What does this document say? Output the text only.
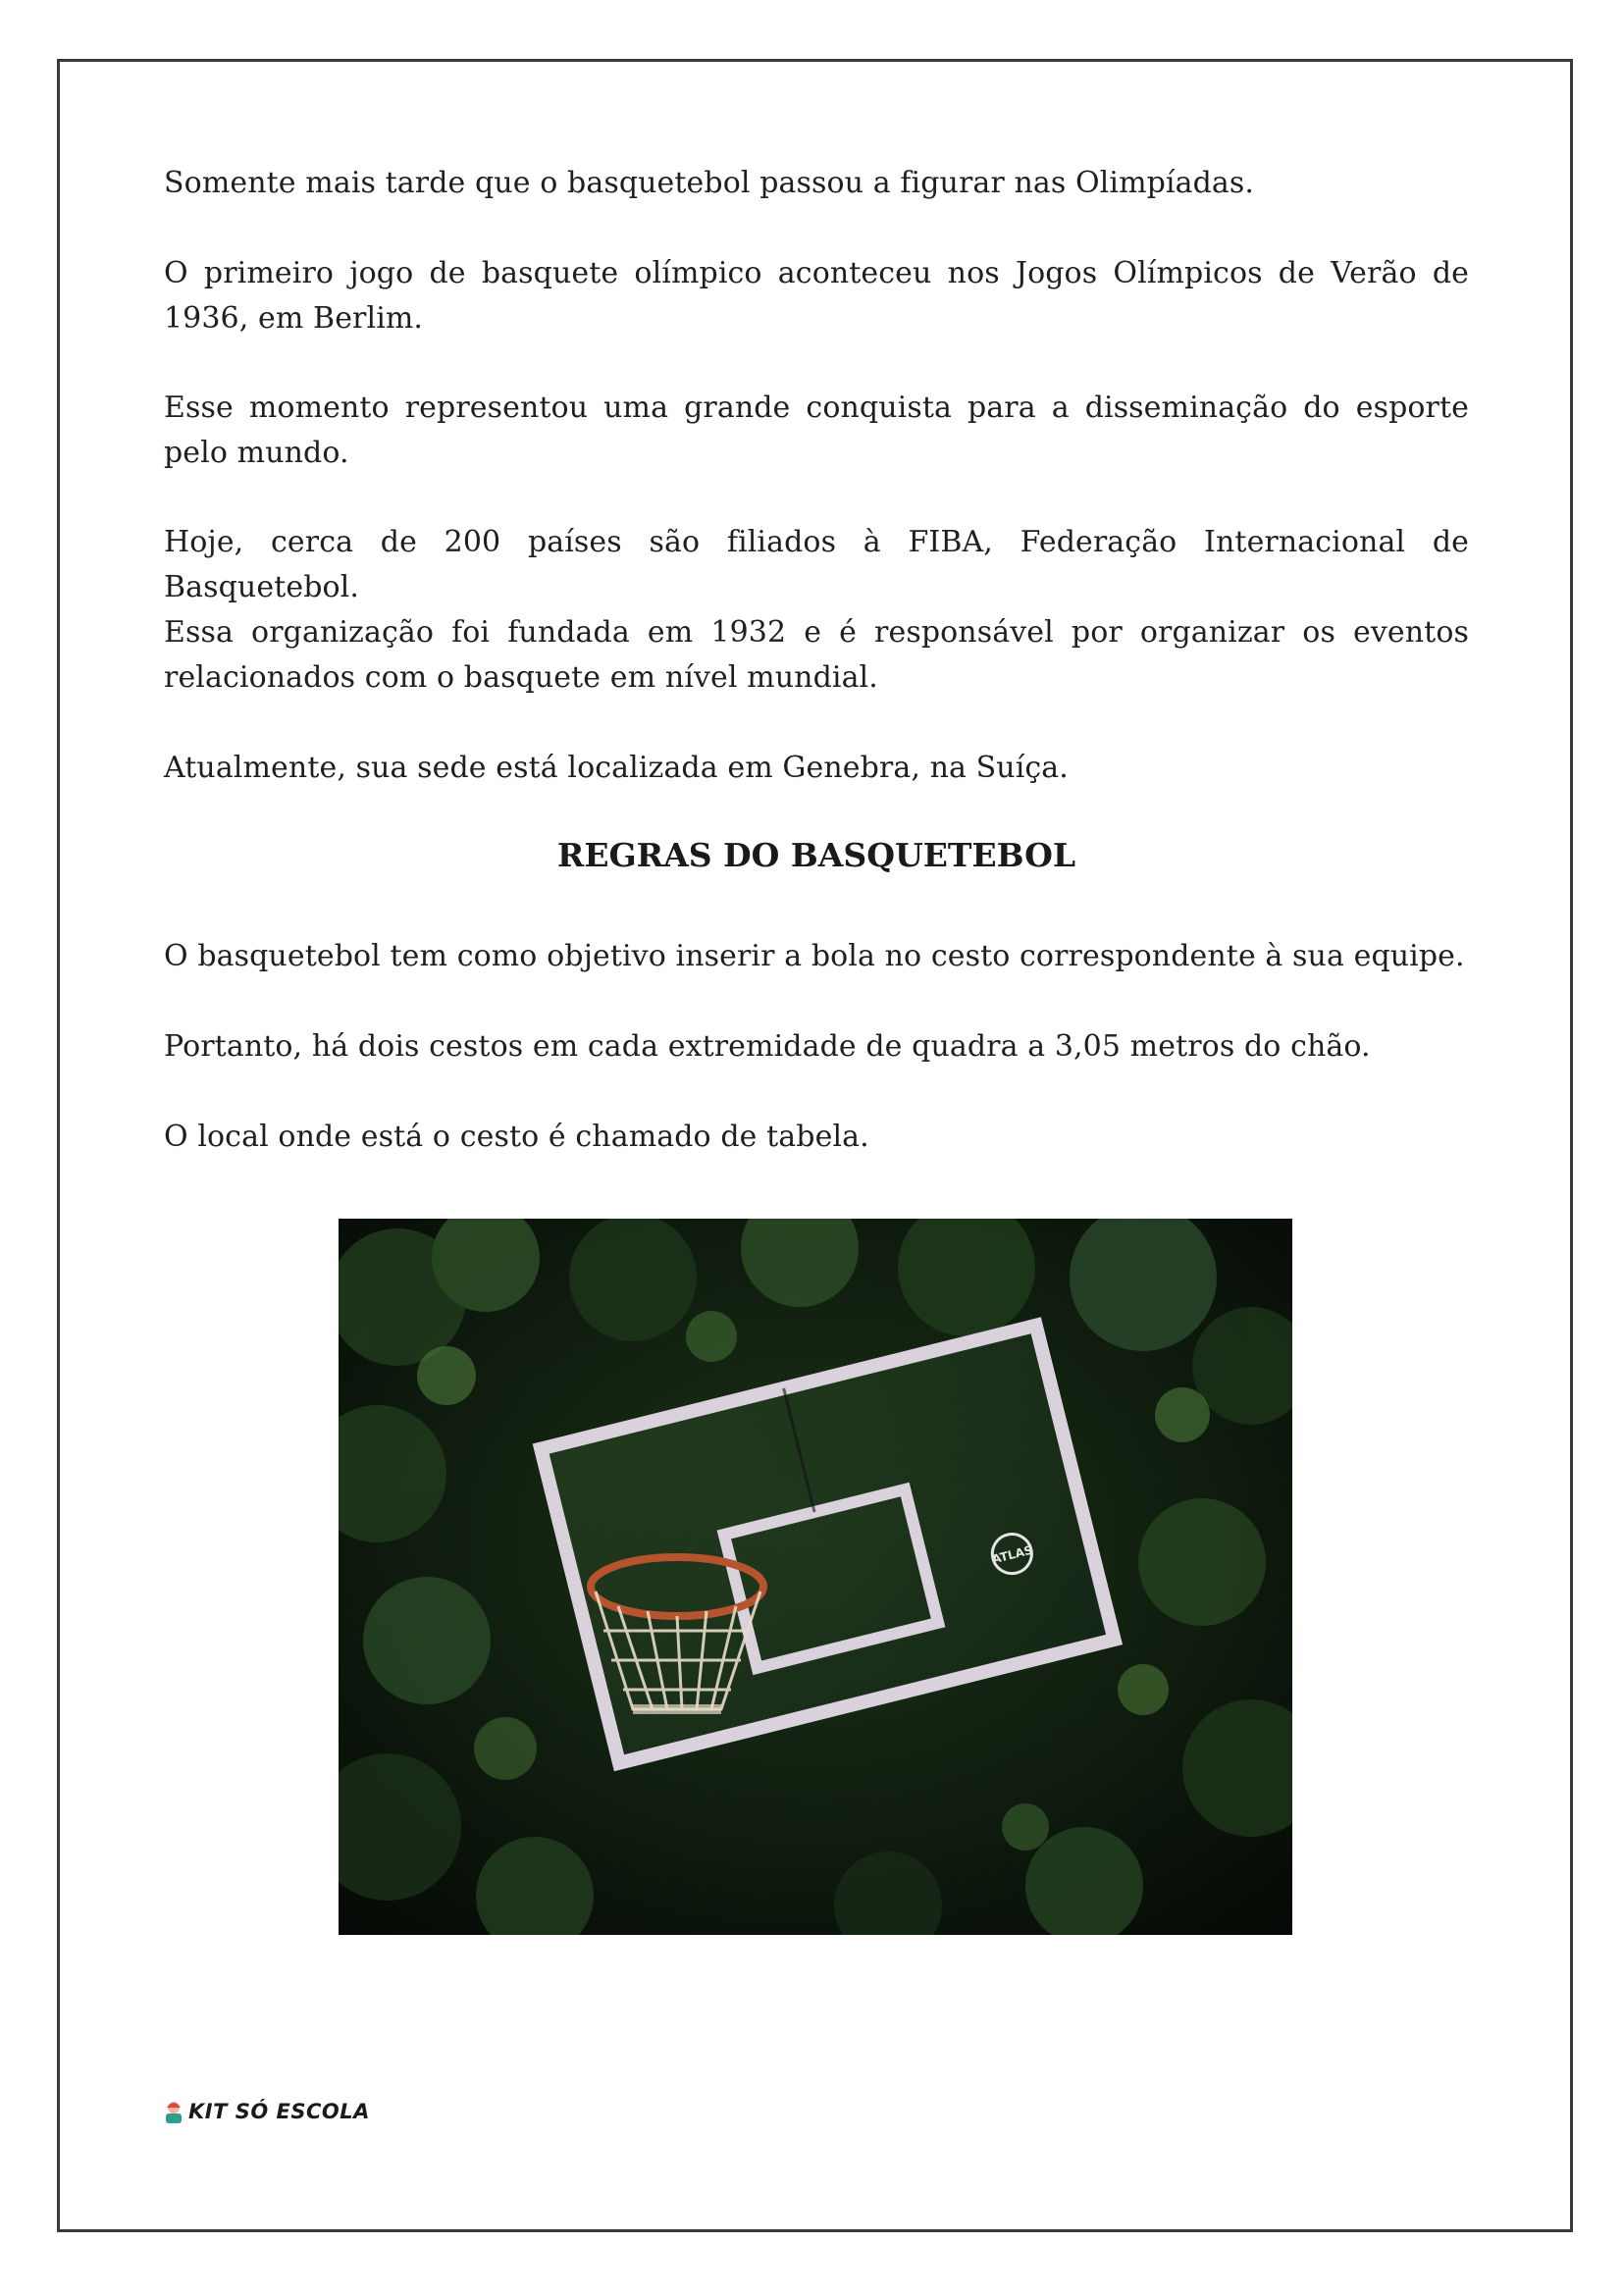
Somente mais tarde que o basquetebol passou a figurar nas Olimpíadas.

O primeiro jogo de basquete olímpico aconteceu nos Jogos Olímpicos de Verão de 1936, em Berlim.

Esse momento representou uma grande conquista para a disseminação do esporte pelo mundo.

Hoje, cerca de 200 países são filiados à FIBA, Federação Internacional de Basquetebol.

Essa organização foi fundada em 1932 e é responsável por organizar os eventos relacionados com o basquete em nível mundial.

Atualmente, sua sede está localizada em Genebra, na Suíça.

REGRAS DO BASQUETEBOL

O basquetebol tem como objetivo inserir a bola no cesto correspondente à sua equipe.

Portanto, há dois cestos em cada extremidade de quadra a 3,05 metros do chão.

O local onde está o cesto é chamado de tabela.

ATLAS
KIT SÓ ESCOLA
